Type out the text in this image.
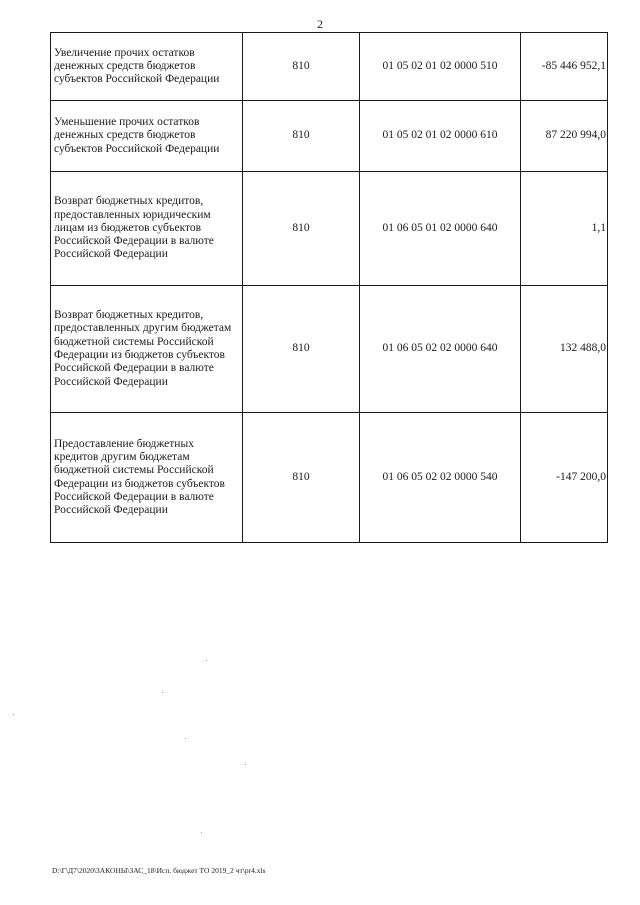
2
Увеличение прочих остатков денежных средств бюджетов субъектов Российской Федерации	810	01 05 02 01 02 0000 510	-85 446 952,1
Уменьшение прочих остатков денежных средств бюджетов субъектов Российской Федерации	810	01 05 02 01 02 0000 610	87 220 994,0
Возврат бюджетных кредитов, предоставленных юридическим лицам из бюджетов субъектов Российской Федерации в валюте Российской Федерации	810	01 06 05 01 02 0000 640	1,1
Возврат бюджетных кредитов, предоставленных другим бюджетам бюджетной системы Российской Федерации из бюджетов субъектов Российской Федерации в валюте Российской Федерации	810	01 06 05 02 02 0000 640	132 488,0
Предоставление бюджетных кредитов другим бюджетам бюджетной системы Российской Федерации из бюджетов субъектов Российской Федерации в валюте Российской Федерации	810	01 06 05 02 02 0000 540	-147 200,0
D:\Г\Д7\2020\ЗАКОНЫ\ЗАС_18\Исп. бюджет ТО 2019_2 чт\pr4.xls
